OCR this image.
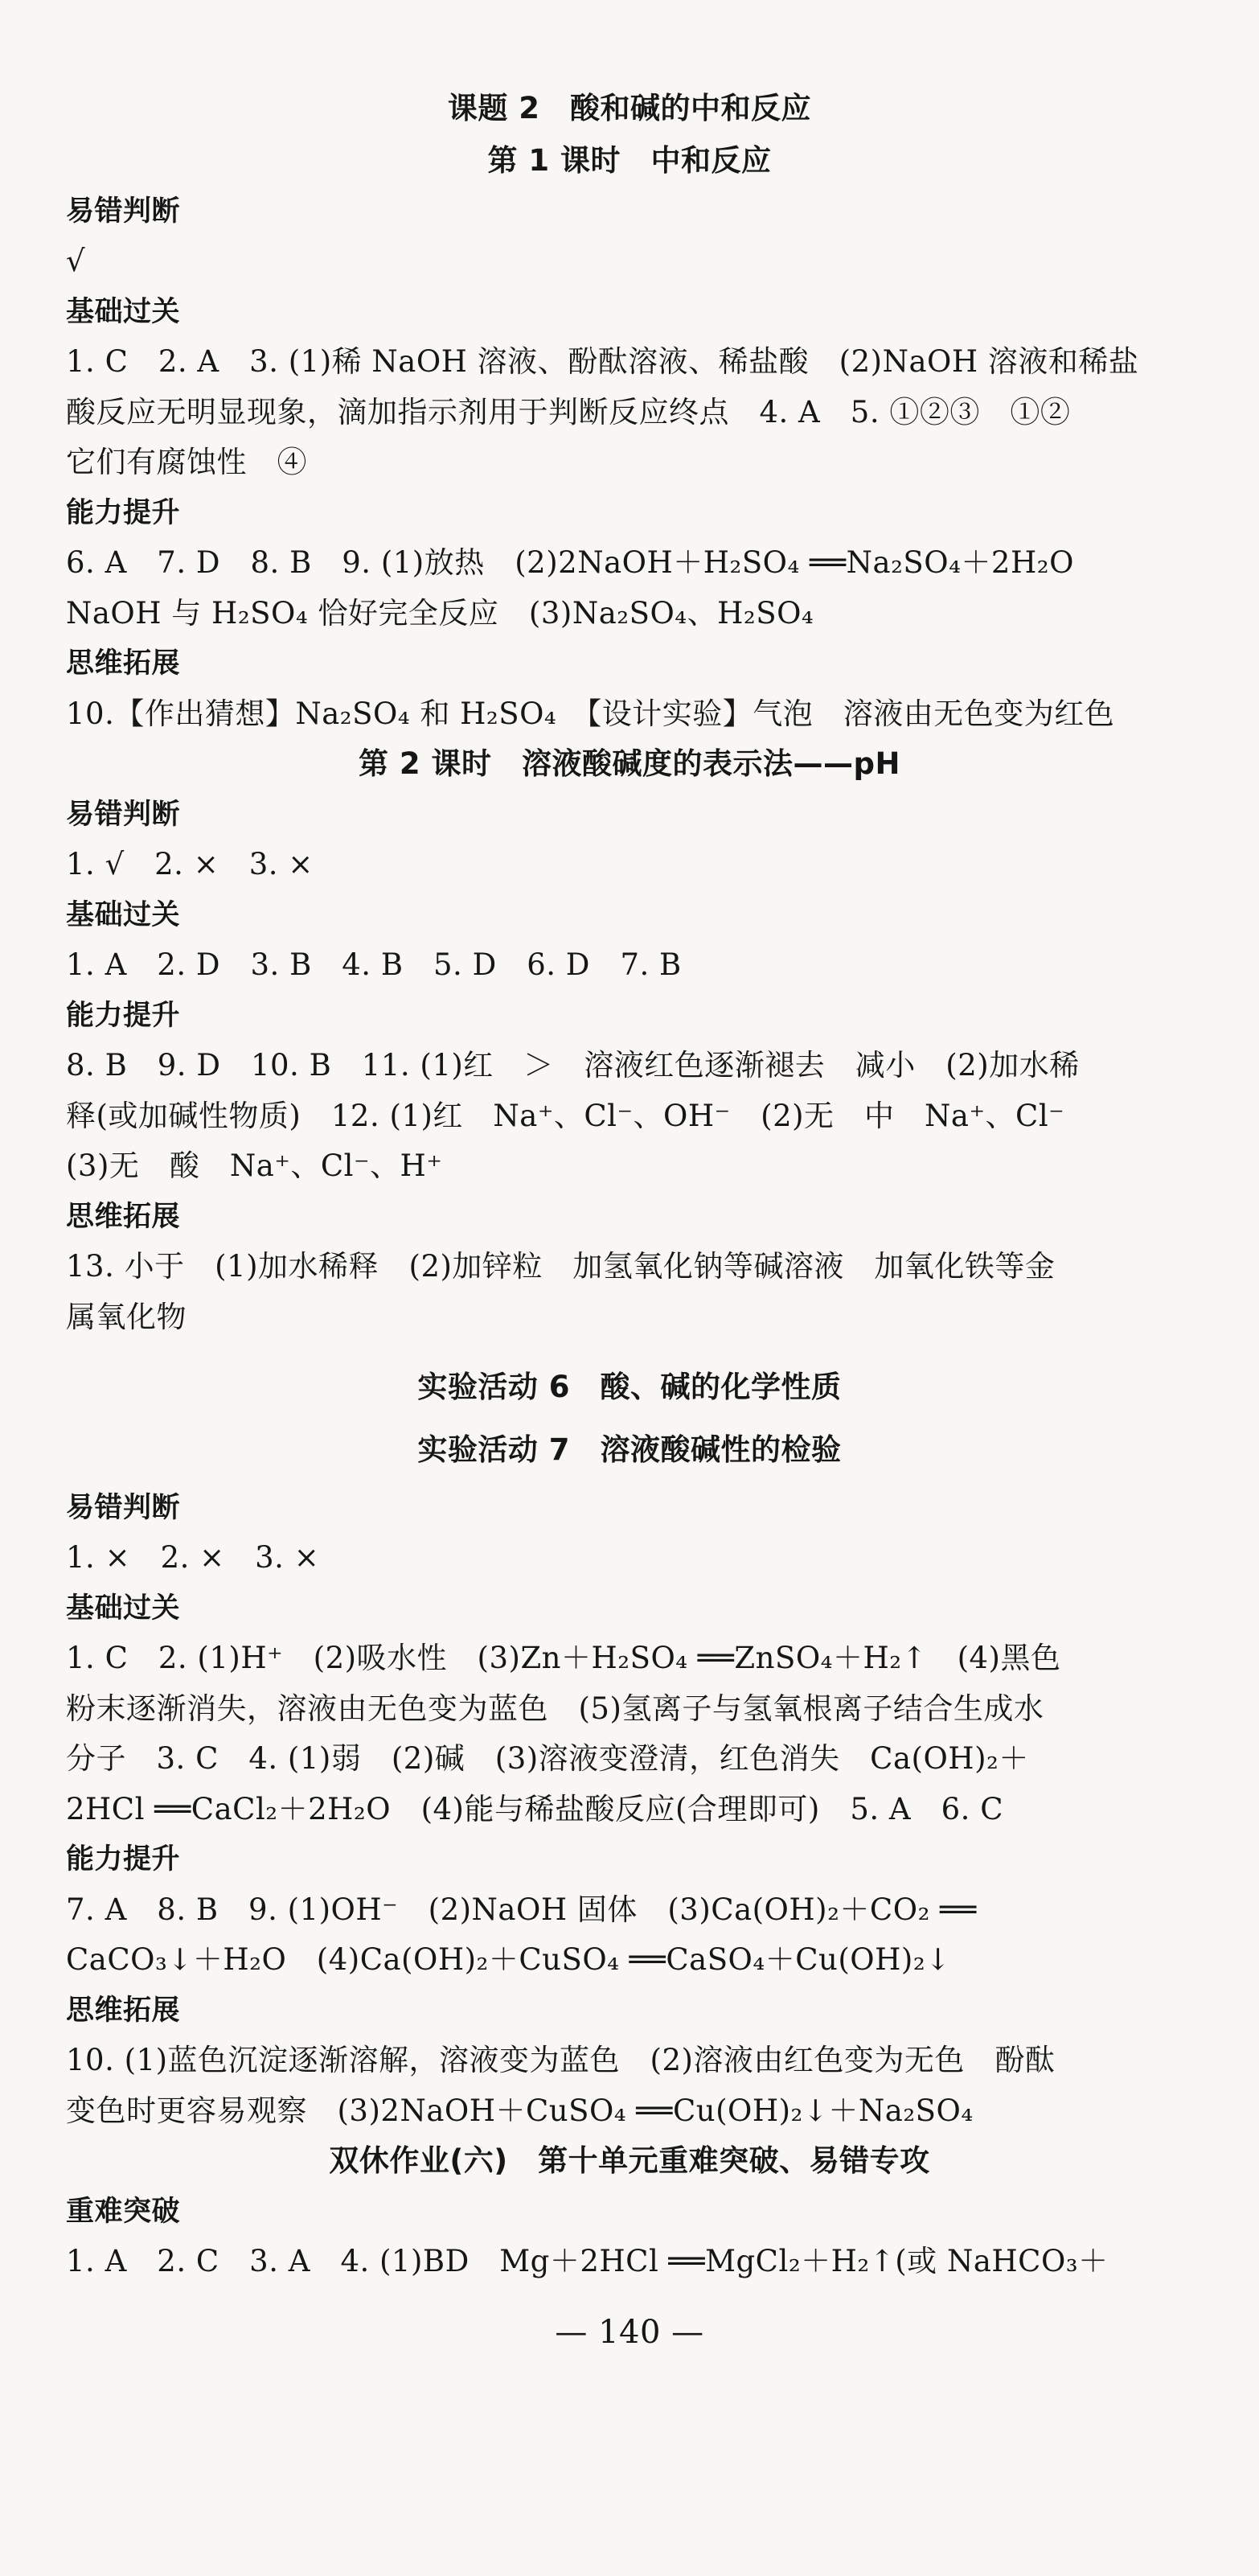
课题 2　酸和碱的中和反应
第 1 课时　中和反应
易错判断
√
基础过关
1. C　2. A　3. (1)稀 NaOH 溶液、酚酞溶液、稀盐酸　(2)NaOH 溶液和稀盐
酸反应无明显现象，滴加指示剂用于判断反应终点　4. A　5. ①②③　①②
它们有腐蚀性　④
能力提升
6. A　7. D　8. B　9. (1)放热　(2)2NaOH＋H₂SO₄ ══Na₂SO₄＋2H₂O
NaOH 与 H₂SO₄ 恰好完全反应　(3)Na₂SO₄、H₂SO₄
思维拓展
10.【作出猜想】Na₂SO₄ 和 H₂SO₄　【设计实验】气泡　溶液由无色变为红色
第 2 课时　溶液酸碱度的表示法——pH
易错判断
1. √　2. ×　3. ×
基础过关
1. A　2. D　3. B　4. B　5. D　6. D　7. B
能力提升
8. B　9. D　10. B　11. (1)红　＞　溶液红色逐渐褪去　减小　(2)加水稀
释(或加碱性物质)　12. (1)红　Na⁺、Cl⁻、OH⁻　(2)无　中　Na⁺、Cl⁻
(3)无　酸　Na⁺、Cl⁻、H⁺
思维拓展
13. 小于　(1)加水稀释　(2)加锌粒　加氢氧化钠等碱溶液　加氧化铁等金
属氧化物
实验活动 6　酸、碱的化学性质
实验活动 7　溶液酸碱性的检验
易错判断
1. ×　2. ×　3. ×
基础过关
1. C　2. (1)H⁺　(2)吸水性　(3)Zn＋H₂SO₄ ══ZnSO₄＋H₂↑　(4)黑色
粉末逐渐消失，溶液由无色变为蓝色　(5)氢离子与氢氧根离子结合生成水
分子　3. C　4. (1)弱　(2)碱　(3)溶液变澄清，红色消失　Ca(OH)₂＋
2HCl ══CaCl₂＋2H₂O　(4)能与稀盐酸反应(合理即可)　5. A　6. C
能力提升
7. A　8. B　9. (1)OH⁻　(2)NaOH 固体　(3)Ca(OH)₂＋CO₂ ══
CaCO₃↓＋H₂O　(4)Ca(OH)₂＋CuSO₄ ══CaSO₄＋Cu(OH)₂↓
思维拓展
10. (1)蓝色沉淀逐渐溶解，溶液变为蓝色　(2)溶液由红色变为无色　酚酞
变色时更容易观察　(3)2NaOH＋CuSO₄ ══Cu(OH)₂↓＋Na₂SO₄
双休作业(六)　第十单元重难突破、易错专攻
重难突破
1. A　2. C　3. A　4. (1)BD　Mg＋2HCl ══MgCl₂＋H₂↑(或 NaHCO₃＋
— 140 —
